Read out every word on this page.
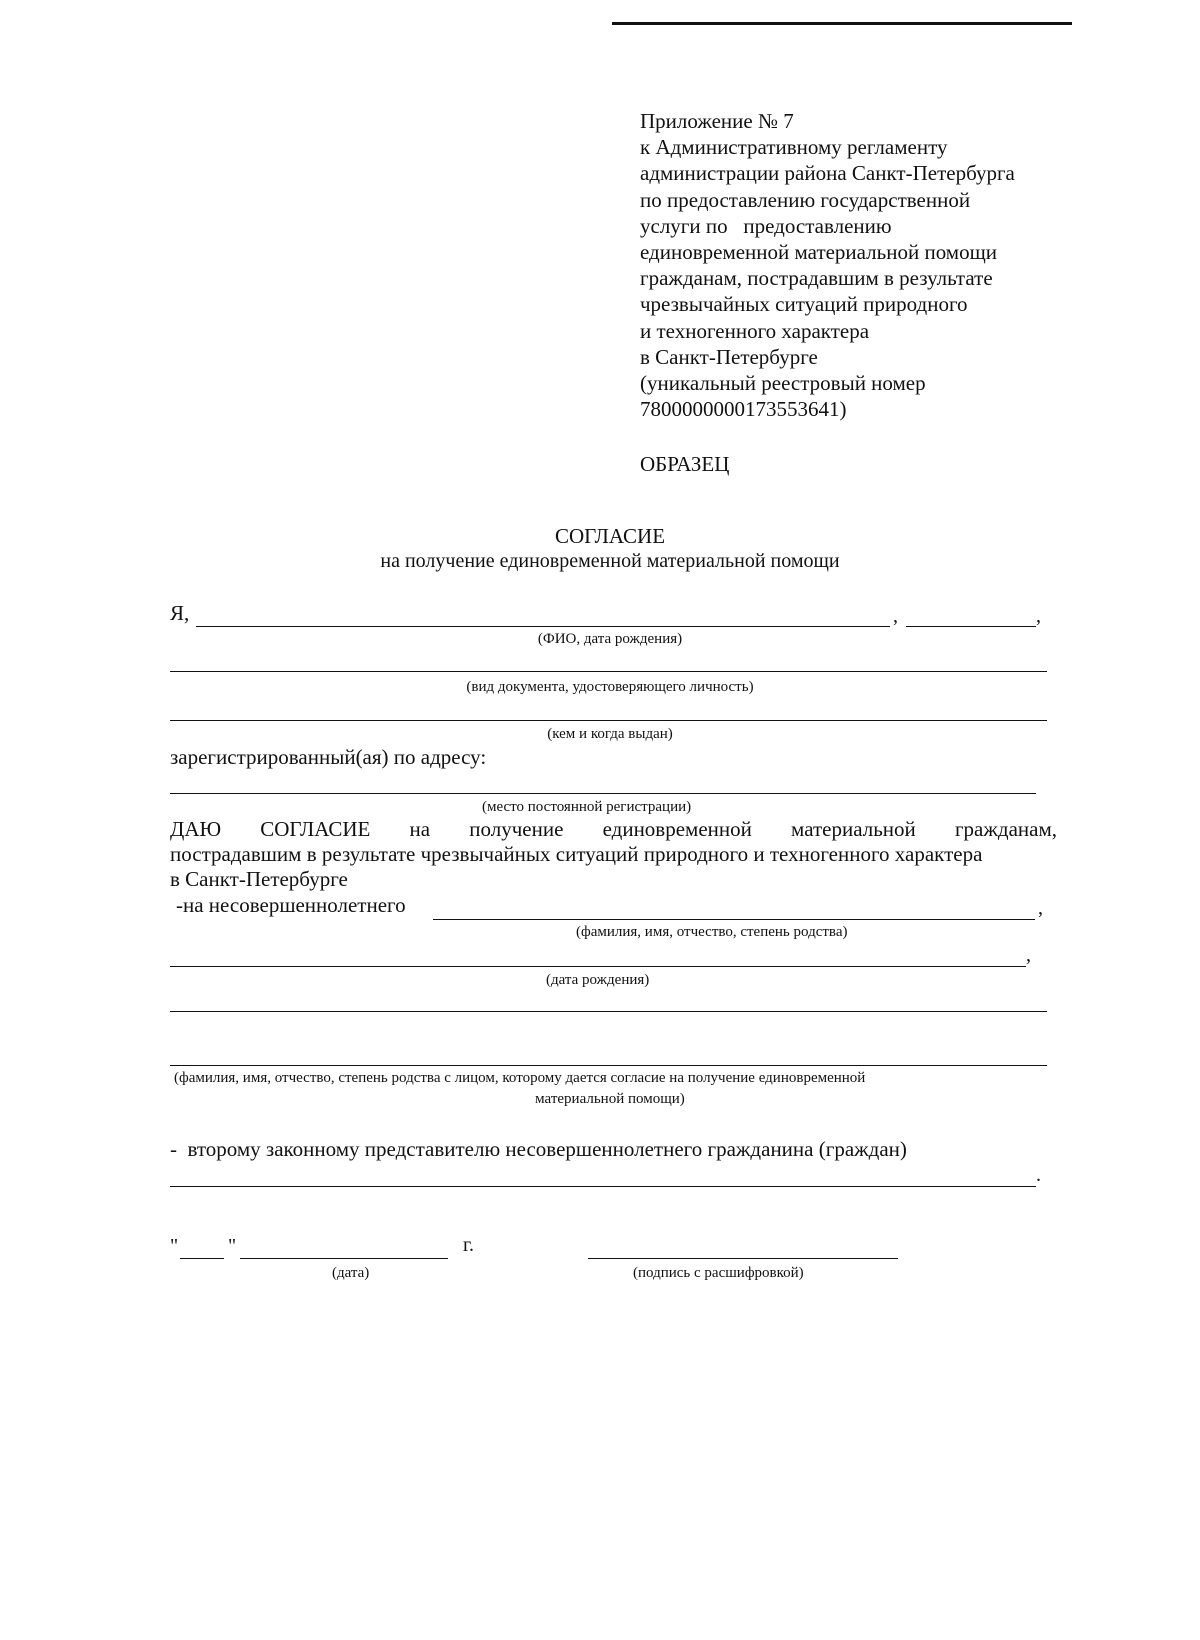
Приложение № 7
к Административному регламенту
администрации района Санкт-Петербурга
по предоставлению государственной
услуги по   предоставлению
единовременной материальной помощи
гражданам, пострадавшим в результате
чрезвычайных ситуаций природного
и техногенного характера
в Санкт-Петербурге
(уникальный реестровый номер
7800000000173553641)
ОБРАЗЕЦ
СОГЛАСИЕ
на получение единовременной материальной помощи
Я,	,	,
(ФИО, дата рождения)
(вид документа, удостоверяющего личность)
(кем и когда выдан)
зарегистрированный(ая) по адресу:
(место постоянной регистрации)
ДАЮ СОГЛАСИЕ на получение единовременной материальной гражданам,
пострадавшим в результате чрезвычайных ситуаций природного и техногенного характера
в Санкт-Петербурге
-на несовершеннолетнего	,
(фамилия, имя, отчество, степень родства)
,
(дата рождения)
(фамилия, имя, отчество, степень родства с лицом, которому дается согласие на получение единовременной
материальной помощи)
-  второму законному представителю несовершеннолетнего гражданина (граждан)
.
" "	г.
(дата)	(подпись с расшифровкой)
